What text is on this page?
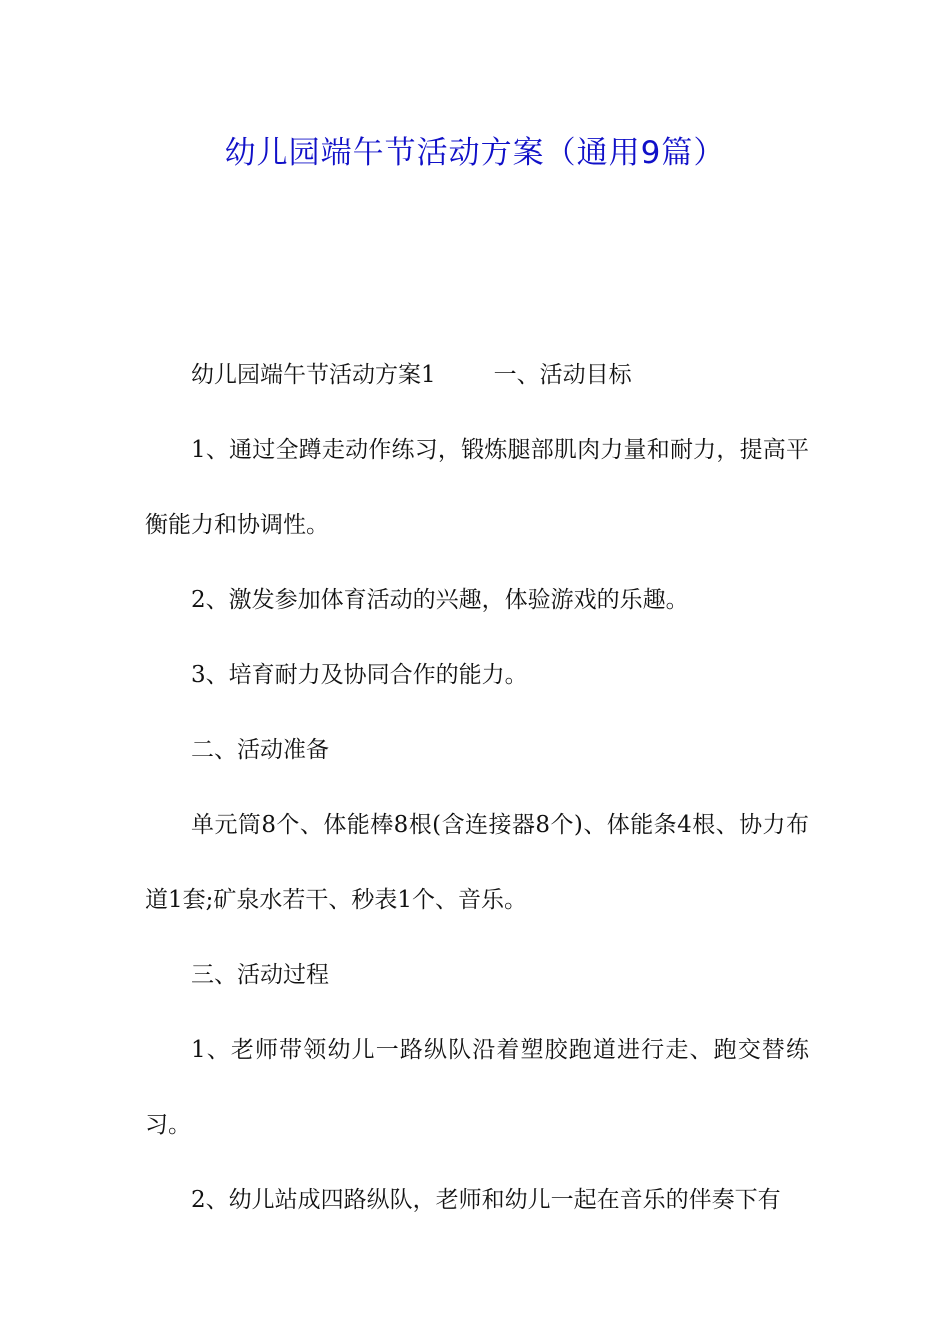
幼儿园端午节活动方案（通用9篇）

幼儿园端午节活动方案1	一、活动目标

1、通过全蹲走动作练习，锻炼腿部肌肉力量和耐力，提高平衡能力和协调性。

2、激发参加体育活动的兴趣，体验游戏的乐趣。

3、培育耐力及协同合作的能力。

二、活动准备

单元筒8个、体能棒8根(含连接器8个)、体能条4根、协力布道1套;矿泉水若干、秒表1个、音乐。

三、活动过程

1、老师带领幼儿一路纵队沿着塑胶跑道进行走、跑交替练习。

2、幼儿站成四路纵队，老师和幼儿一起在音乐的伴奏下有
